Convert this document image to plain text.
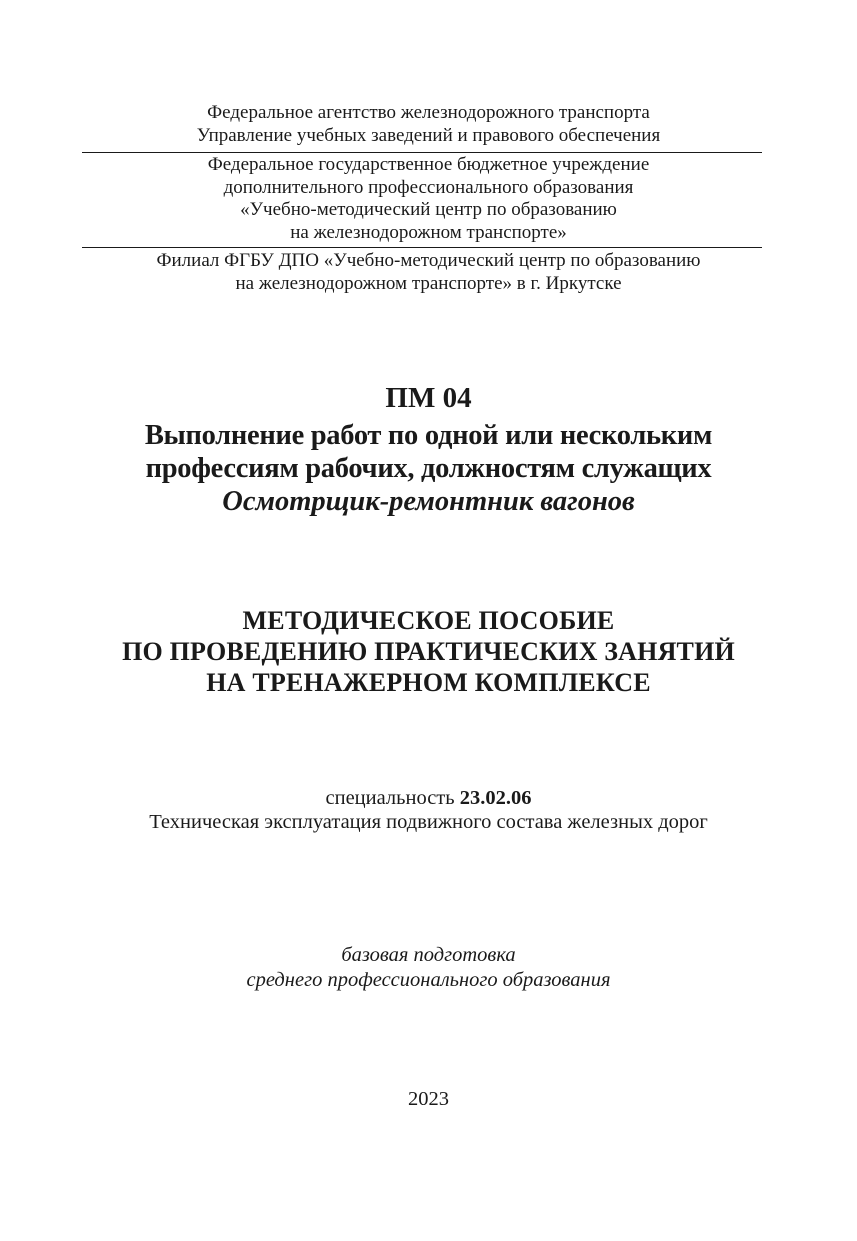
Федеральное агентство железнодорожного транспорта
Управление учебных заведений и правового обеспечения
Федеральное государственное бюджетное учреждение
дополнительного профессионального образования
«Учебно-методический центр по образованию
на железнодорожном транспорте»
Филиал ФГБУ ДПО «Учебно-методический центр по образованию
на железнодорожном транспорте» в г. Иркутске
ПМ 04
Выполнение работ по одной или нескольким
профессиям рабочих, должностям служащих
Осмотрщик-ремонтник вагонов
МЕТОДИЧЕСКОЕ ПОСОБИЕ
ПО ПРОВЕДЕНИЮ ПРАКТИЧЕСКИХ ЗАНЯТИЙ
НА ТРЕНАЖЕРНОМ КОМПЛЕКСЕ
специальность 23.02.06
Техническая эксплуатация подвижного состава железных дорог
базовая подготовка
среднего профессионального образования
2023
